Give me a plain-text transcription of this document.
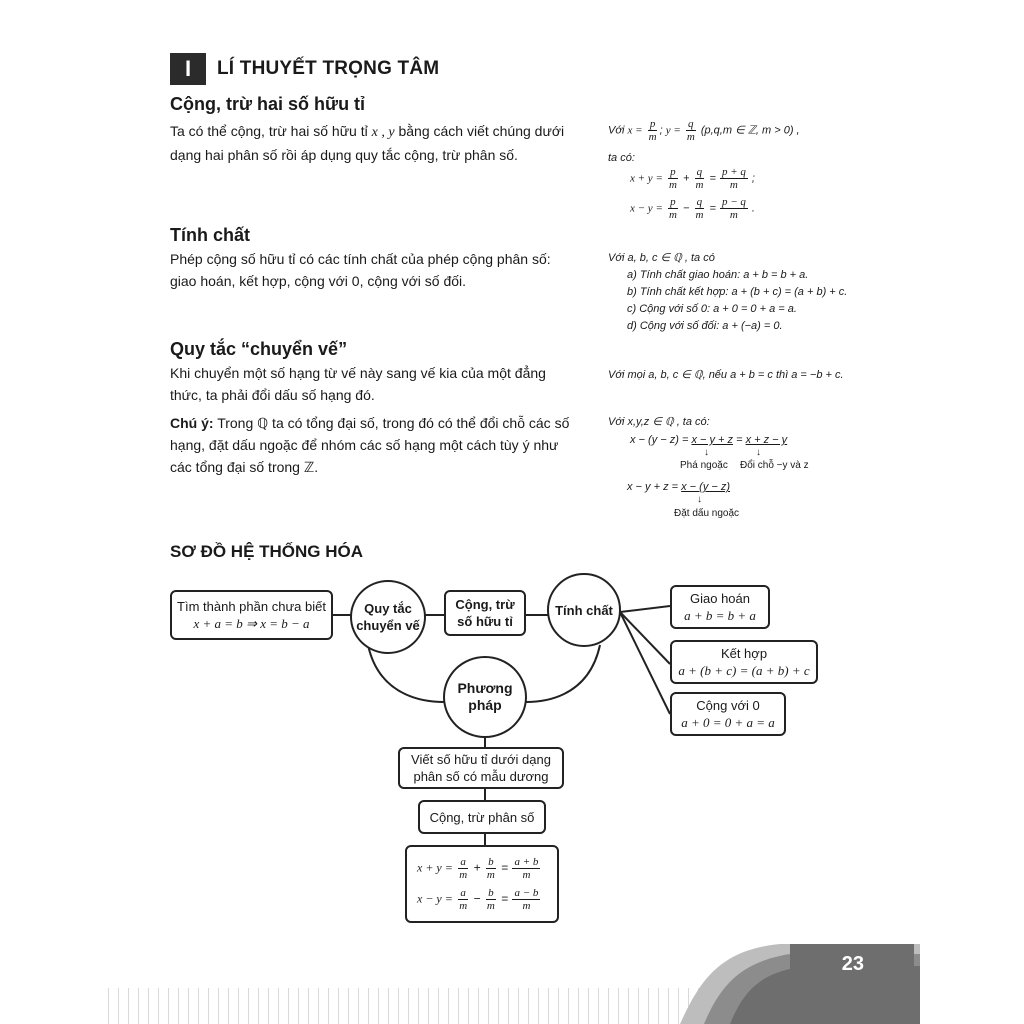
I	LÍ THUYẾT TRỌNG TÂM
Cộng, trừ hai số hữu tỉ
Ta có thể cộng, trừ hai số hữu tỉ x , y bằng cách viết chúng dưới dạng hai phân số rồi áp dụng quy tắc cộng, trừ phân số.
Với $x = \frac{p}{m}$ ; $y = \frac{q}{m} (p,q,m$ ∈ ℤ, m > 0) ,
ta có:
$x + y = \frac{p}{m} + \frac{q}{m} = \frac{p + q}{m}$ ;
$x - y = \frac{p}{m} - \frac{q}{m} = \frac{p - q}{m}$ .
Tính chất
Phép cộng số hữu tỉ có các tính chất của phép cộng phân số: giao hoán, kết hợp, cộng với 0, cộng với số đối.
Với a, b, c ∈ ℚ , ta có
a) Tính chất giao hoán: a + b = b + a.
b) Tính chất kết hợp: a + (b + c) = (a + b) + c.
c) Cộng với số 0: a + 0 = 0 + a = a.
d) Cộng với số đối: a + (−a) = 0.
Quy tắc “chuyển vế”
Khi chuyển một số hạng từ vế này sang vế kia của một đẳng thức, ta phải đổi dấu số hạng đó.
Với mọi a, b, c ∈ ℚ, nếu a + b = c thì a = −b + c.
Chú ý: Trong ℚ ta có tổng đại số, trong đó có thể đổi chỗ các số hạng, đặt dấu ngoặc để nhóm các số hạng một cách tùy ý như các tổng đại số trong ℤ.
Với x,y,z ∈ ℚ , ta có:
x − (y − z) = x − y + z = x + z − y
↓	↓
Phá ngoặc Đổi chỗ −y và z
x − y + z = x − (y − z)
↓
Đặt dấu ngoặc
SƠ ĐỒ HỆ THỐNG HÓA
Tìm thành phần chưa biết
x + a = b ⇒ x = b − a
Quy tắc chuyển vế
Cộng, trừ số hữu tỉ
Tính chất
Phương pháp
Giao hoán
a + b = b + a
Kết hợp
a + (b + c) = (a + b) + c
Cộng với 0
a + 0 = 0 + a = a
Viết số hữu tỉ dưới dạng phân số có mẫu dương
Cộng, trừ phân số
$x + y = \frac{a}{m} + \frac{b}{m} = \frac{a + b}{m}$
$x - y = \frac{a}{m} - \frac{b}{m} = \frac{a - b}{m}$
23
